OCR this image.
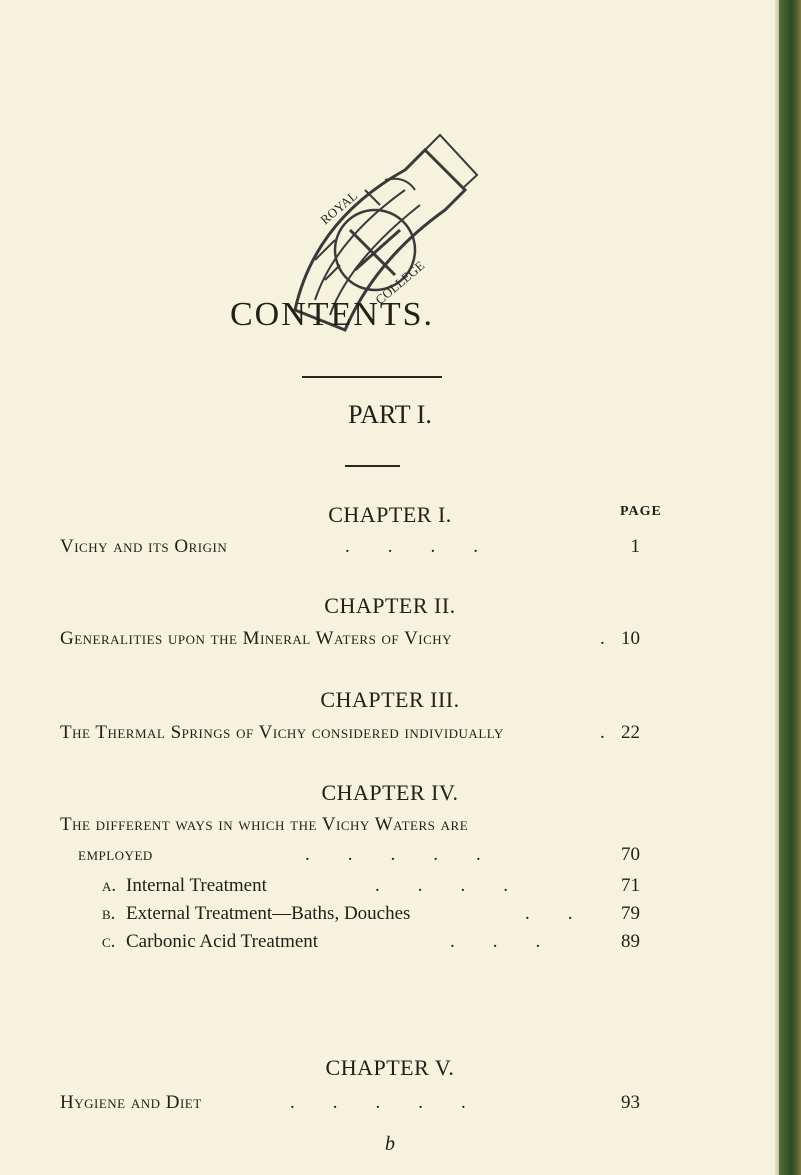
ROYAL
COLLEGE
CONTENTS.
PART I.
CHAPTER I.	PAGE
Vichy and its Origin	.        .        .        .	1
CHAPTER II.
Generalities upon the Mineral Waters of Vichy	. 10
CHAPTER III.
The Thermal Springs of Vichy considered individually	. 22
CHAPTER IV.
The different ways in which the Vichy Waters are
employed	.        .        .        .        .	70
a. Internal Treatment	.        .        .        .	71
b. External Treatment—Baths, Douches	.        .	79
c. Carbonic Acid Treatment	.        .        .	89
CHAPTER V.
Hygiene and Diet	.        .        .        .        .	93
b
